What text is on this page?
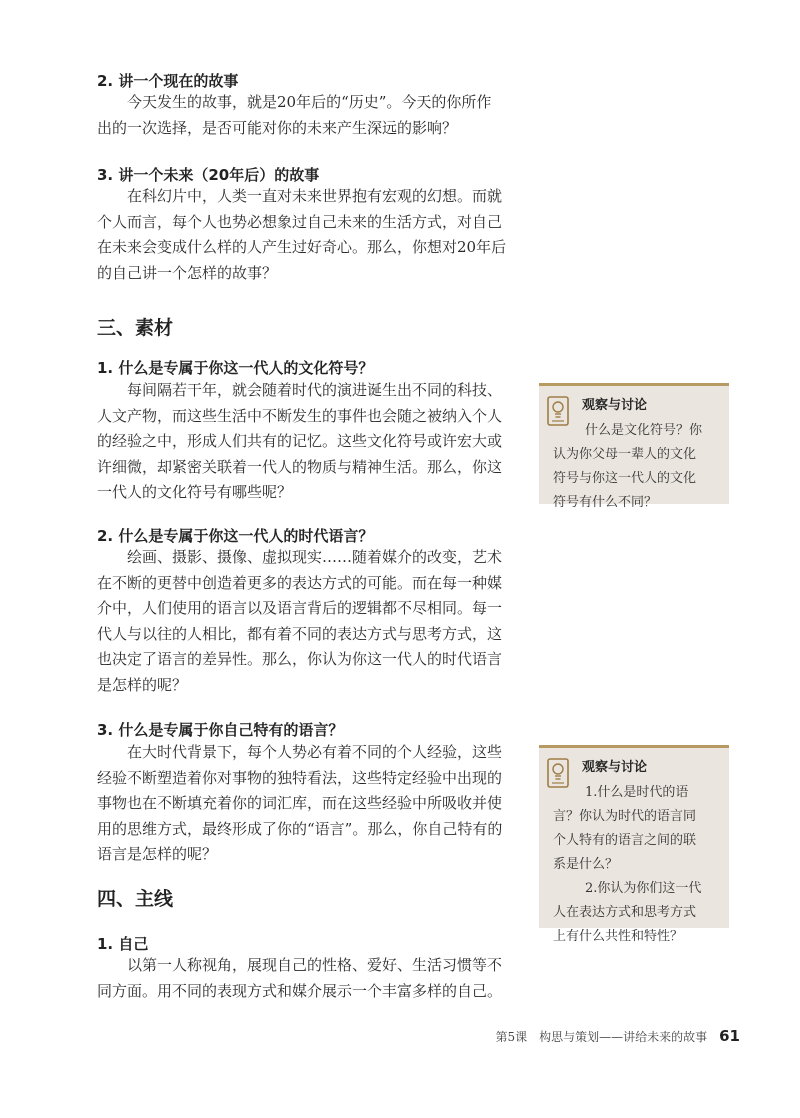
2. 讲一个现在的故事
今天发生的故事，就是20年后的“历史”。今天的你所作
出的一次选择，是否可能对你的未来产生深远的影响？
3. 讲一个未来（20年后）的故事
在科幻片中，人类一直对未来世界抱有宏观的幻想。而就
个人而言，每个人也势必想象过自己未来的生活方式，对自己
在未来会变成什么样的人产生过好奇心。那么，你想对20年后
的自己讲一个怎样的故事？
三、素材
1. 什么是专属于你这一代人的文化符号？
每间隔若干年，就会随着时代的演进诞生出不同的科技、
人文产物，而这些生活中不断发生的事件也会随之被纳入个人
的经验之中，形成人们共有的记忆。这些文化符号或许宏大或
许细微，却紧密关联着一代人的物质与精神生活。那么，你这
一代人的文化符号有哪些呢？
2. 什么是专属于你这一代人的时代语言？
绘画、摄影、摄像、虚拟现实……随着媒介的改变，艺术
在不断的更替中创造着更多的表达方式的可能。而在每一种媒
介中，人们使用的语言以及语言背后的逻辑都不尽相同。每一
代人与以往的人相比，都有着不同的表达方式与思考方式，这
也决定了语言的差异性。那么，你认为你这一代人的时代语言
是怎样的呢？
3. 什么是专属于你自己特有的语言？
在大时代背景下，每个人势必有着不同的个人经验，这些
经验不断塑造着你对事物的独特看法，这些特定经验中出现的
事物也在不断填充着你的词汇库，而在这些经验中所吸收并使
用的思维方式，最终形成了你的“语言”。那么，你自己特有的
语言是怎样的呢？
四、主线
1. 自己
以第一人称视角，展现自己的性格、爱好、生活习惯等不
同方面。用不同的表现方式和媒介展示一个丰富多样的自己。
观察与讨论
什么是文化符号？你
认为你父母一辈人的文化
符号与你这一代人的文化
符号有什么不同？
观察与讨论
1.什么是时代的语
言？你认为时代的语言同
个人特有的语言之间的联
系是什么？
2.你认为你们这一代
人在表达方式和思考方式
上有什么共性和特性？
第5课　构思与策划——讲给未来的故事 61
